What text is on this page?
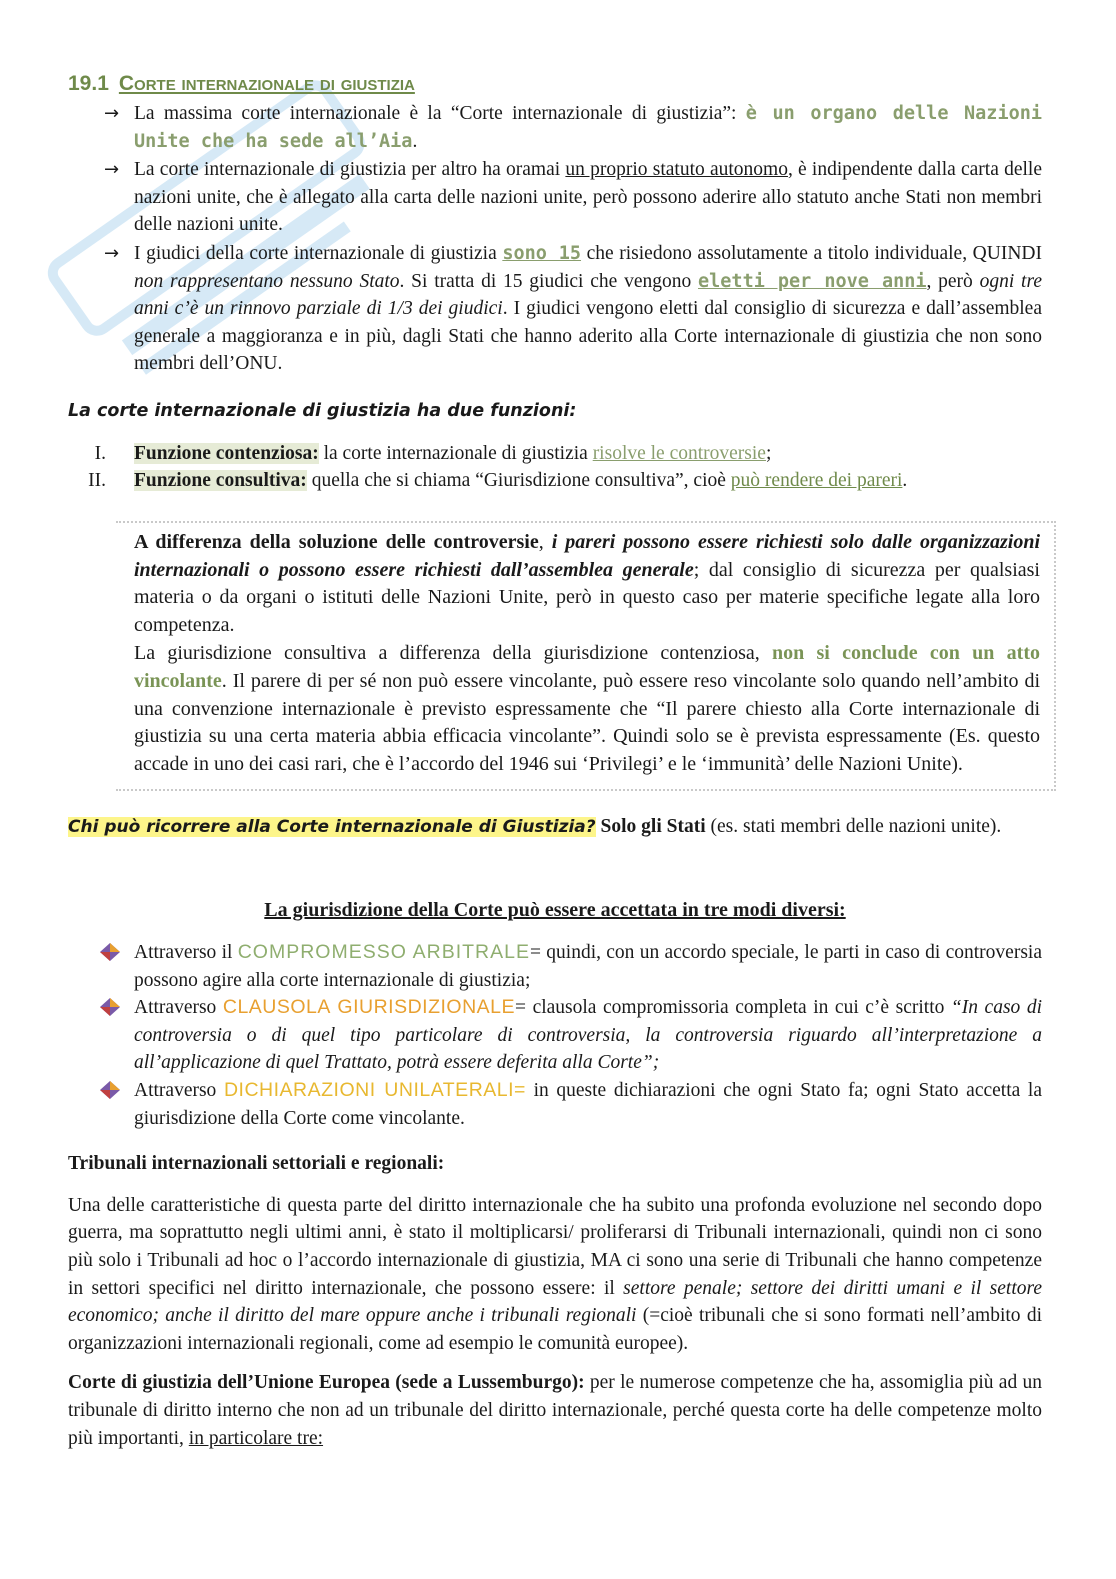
19.1 Corte internazionale di giustizia
→ La massima corte internazionale è la “Corte internazionale di giustizia”: è un organo delle Nazioni Unite che ha sede all’Aia.
→ La corte internazionale di giustizia per altro ha oramai un proprio statuto autonomo, è indipendente dalla carta delle nazioni unite, che è allegato alla carta delle nazioni unite, però possono aderire allo statuto anche Stati non membri delle nazioni unite.
→ I giudici della corte internazionale di giustizia sono 15 che risiedono assolutamente a titolo individuale, QUINDI non rappresentano nessuno Stato. Si tratta di 15 giudici che vengono eletti per nove anni, però ogni tre anni c’è un rinnovo parziale di 1/3 dei giudici. I giudici vengono eletti dal consiglio di sicurezza e dall’assemblea generale a maggioranza e in più, dagli Stati che hanno aderito alla Corte internazionale di giustizia che non sono membri dell’ONU.
La corte internazionale di giustizia ha due funzioni:
I. Funzione contenziosa: la corte internazionale di giustizia risolve le controversie;
II. Funzione consultiva: quella che si chiama “Giurisdizione consultiva”, cioè può rendere dei pareri.

A differenza della soluzione delle controversie, i pareri possono essere richiesti solo dalle organizzazioni internazionali o possono essere richiesti dall’assemblea generale; dal consiglio di sicurezza per qualsiasi materia o da organi o istituti delle Nazioni Unite, però in questo caso per materie specifiche legate alla loro competenza.

La giurisdizione consultiva a differenza della giurisdizione contenziosa, non si conclude con un atto vincolante. Il parere di per sé non può essere vincolante, può essere reso vincolante solo quando nell’ambito di una convenzione internazionale è previsto espressamente che “Il parere chiesto alla Corte internazionale di giustizia su una certa materia abbia efficacia vincolante”. Quindi solo se è prevista espressamente (Es. questo accade in uno dei casi rari, che è l’accordo del 1946 sui ‘Privilegi’ e le ‘immunità’ delle Nazioni Unite).

Chi può ricorrere alla Corte internazionale di Giustizia? Solo gli Stati (es. stati membri delle nazioni unite).
La giurisdizione della Corte può essere accettata in tre modi diversi:
Attraverso il COMPROMESSO ARBITRALE= quindi, con un accordo speciale, le parti in caso di controversia possono agire alla corte internazionale di giustizia;
Attraverso CLAUSOLA GIURISDIZIONALE= clausola compromissoria completa in cui c’è scritto “In caso di controversia o di quel tipo particolare di controversia, la controversia riguardo all’interpretazione a all’applicazione di quel Trattato, potrà essere deferita alla Corte”;
Attraverso DICHIARAZIONI UNILATERALI= in queste dichiarazioni che ogni Stato fa; ogni Stato accetta la giurisdizione della Corte come vincolante.
Tribunali internazionali settoriali e regionali:

Una delle caratteristiche di questa parte del diritto internazionale che ha subito una profonda evoluzione nel secondo dopo guerra, ma soprattutto negli ultimi anni, è stato il moltiplicarsi/ proliferarsi di Tribunali internazionali, quindi non ci sono più solo i Tribunali ad hoc o l’accordo internazionale di giustizia, MA ci sono una serie di Tribunali che hanno competenze in settori specifici nel diritto internazionale, che possono essere: il settore penale; settore dei diritti umani e il settore economico; anche il diritto del mare oppure anche i tribunali regionali (=cioè tribunali che si sono formati nell’ambito di organizzazioni internazionali regionali, come ad esempio le comunità europee).

Corte di giustizia dell’Unione Europea (sede a Lussemburgo): per le numerose competenze che ha, assomiglia più ad un tribunale di diritto interno che non ad un tribunale del diritto internazionale, perché questa corte ha delle competenze molto più importanti, in particolare tre:
